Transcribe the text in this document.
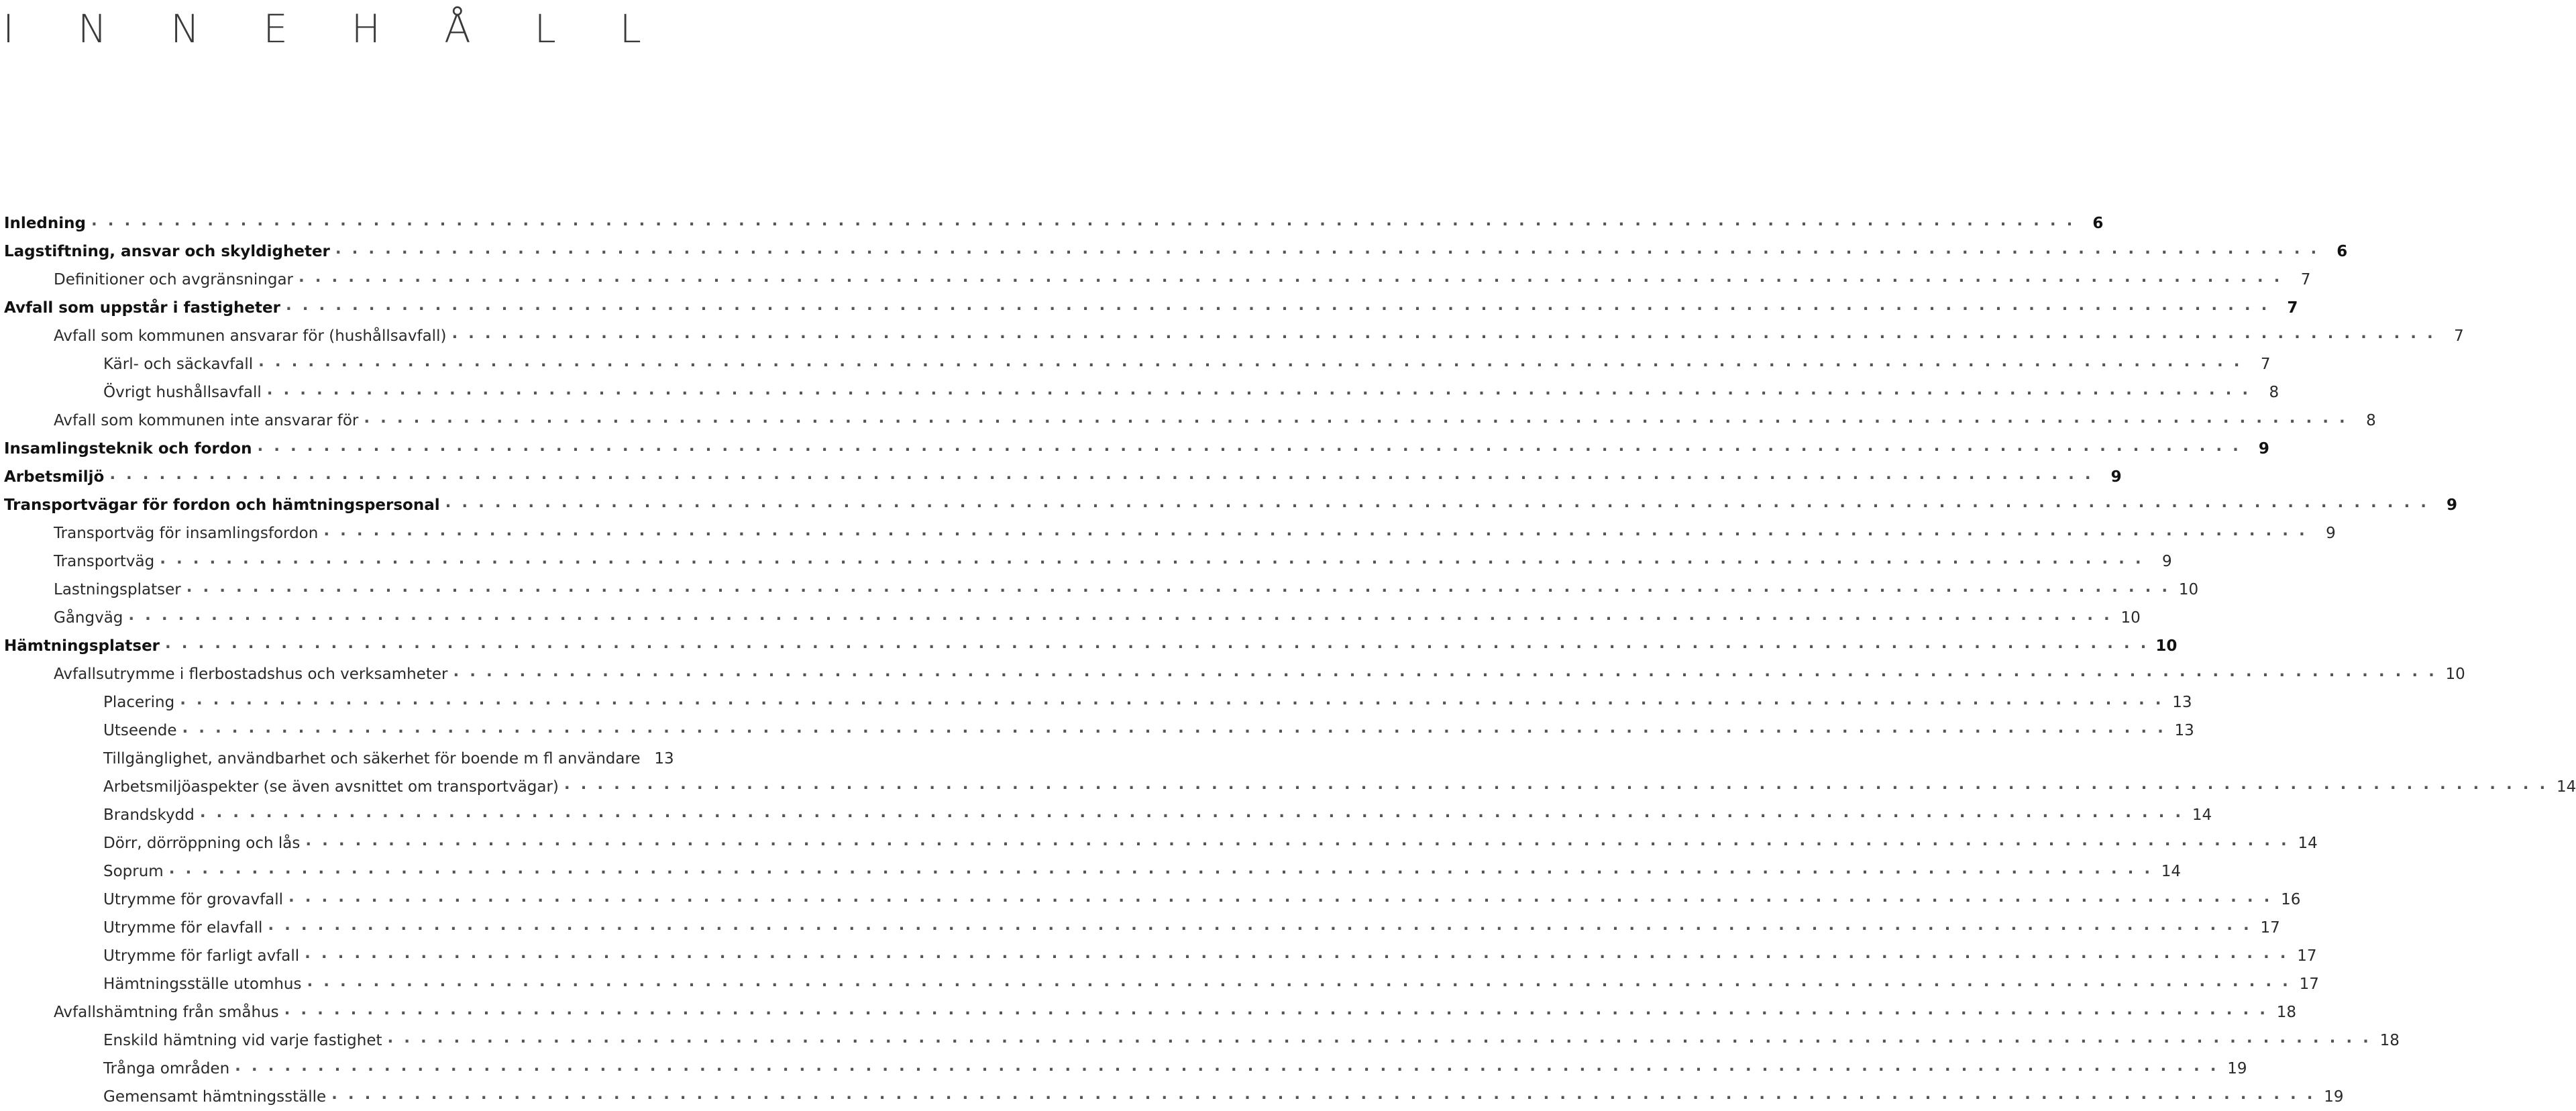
I N N E H Å L L
Inledning . . . . . . . . . . . . . . . . . . . . . . . . . . . . . . . . . . . . . . . . . . . . . . . . . . . . . . . . . . . . . . . . . . . . . . . . . . . . . . . . . . . . . . . . . . . . . . . . . . . . . . . . . . . . . . . . . . . . . . . .	6
Lagstiftning, ansvar och skyldigheter . . . . . . . . . . . . . . . . . . . . . . . . . . . . . . . . . . . . . . . . . . . . . . . . . . . . . . . . . . . . . . . . . . . . . . . . . . . . . . . . . . . . . . . . . . . . . . . . . . . . . . . . . . . . . . . . . . . . . . . .	6
Definitioner och avgränsningar . . . . . . . . . . . . . . . . . . . . . . . . . . . . . . . . . . . . . . . . . . . . . . . . . . . . . . . . . . . . . . . . . . . . . . . . . . . . . . . . . . . . . . . . . . . . . . . . . . . . . . . . . . . . . . . . . . . . . . . .	7
Avfall som uppstår i fastigheter . . . . . . . . . . . . . . . . . . . . . . . . . . . . . . . . . . . . . . . . . . . . . . . . . . . . . . . . . . . . . . . . . . . . . . . . . . . . . . . . . . . . . . . . . . . . . . . . . . . . . . . . . . . . . . . . . . . . . . . .	7
Avfall som kommunen ansvarar för (hushållsavfall) . . . . . . . . . . . . . . . . . . . . . . . . . . . . . . . . . . . . . . . . . . . . . . . . . . . . . . . . . . . . . . . . . . . . . . . . . . . . . . . . . . . . . . . . . . . . . . . . . . . . . . . . . . . . . . . . . . . . . . . .	7
Kärl- och säckavfall . . . . . . . . . . . . . . . . . . . . . . . . . . . . . . . . . . . . . . . . . . . . . . . . . . . . . . . . . . . . . . . . . . . . . . . . . . . . . . . . . . . . . . . . . . . . . . . . . . . . . . . . . . . . . . . . . . . . . . . .	7
Övrigt hushållsavfall . . . . . . . . . . . . . . . . . . . . . . . . . . . . . . . . . . . . . . . . . . . . . . . . . . . . . . . . . . . . . . . . . . . . . . . . . . . . . . . . . . . . . . . . . . . . . . . . . . . . . . . . . . . . . . . . . . . . . . . .	8
Avfall som kommunen inte ansvarar för . . . . . . . . . . . . . . . . . . . . . . . . . . . . . . . . . . . . . . . . . . . . . . . . . . . . . . . . . . . . . . . . . . . . . . . . . . . . . . . . . . . . . . . . . . . . . . . . . . . . . . . . . . . . . . . . . . . . . . . .	8
Insamlingsteknik och fordon . . . . . . . . . . . . . . . . . . . . . . . . . . . . . . . . . . . . . . . . . . . . . . . . . . . . . . . . . . . . . . . . . . . . . . . . . . . . . . . . . . . . . . . . . . . . . . . . . . . . . . . . . . . . . . . . . . . . . . . .	9
Arbetsmiljö . . . . . . . . . . . . . . . . . . . . . . . . . . . . . . . . . . . . . . . . . . . . . . . . . . . . . . . . . . . . . . . . . . . . . . . . . . . . . . . . . . . . . . . . . . . . . . . . . . . . . . . . . . . . . . . . . . . . . . . .	9
Transportvägar för fordon och hämtningspersonal . . . . . . . . . . . . . . . . . . . . . . . . . . . . . . . . . . . . . . . . . . . . . . . . . . . . . . . . . . . . . . . . . . . . . . . . . . . . . . . . . . . . . . . . . . . . . . . . . . . . . . . . . . . . . . . . . . . . . . . .	9
Transportväg för insamlingsfordon . . . . . . . . . . . . . . . . . . . . . . . . . . . . . . . . . . . . . . . . . . . . . . . . . . . . . . . . . . . . . . . . . . . . . . . . . . . . . . . . . . . . . . . . . . . . . . . . . . . . . . . . . . . . . . . . . . . . . . . .	9
Transportväg . . . . . . . . . . . . . . . . . . . . . . . . . . . . . . . . . . . . . . . . . . . . . . . . . . . . . . . . . . . . . . . . . . . . . . . . . . . . . . . . . . . . . . . . . . . . . . . . . . . . . . . . . . . . . . . . . . . . . . . .	9
Lastningsplatser . . . . . . . . . . . . . . . . . . . . . . . . . . . . . . . . . . . . . . . . . . . . . . . . . . . . . . . . . . . . . . . . . . . . . . . . . . . . . . . . . . . . . . . . . . . . . . . . . . . . . . . . . . . . . . . . . . . . . . . . 10
Gångväg . . . . . . . . . . . . . . . . . . . . . . . . . . . . . . . . . . . . . . . . . . . . . . . . . . . . . . . . . . . . . . . . . . . . . . . . . . . . . . . . . . . . . . . . . . . . . . . . . . . . . . . . . . . . . . . . . . . . . . . . 10
Hämtningsplatser . . . . . . . . . . . . . . . . . . . . . . . . . . . . . . . . . . . . . . . . . . . . . . . . . . . . . . . . . . . . . . . . . . . . . . . . . . . . . . . . . . . . . . . . . . . . . . . . . . . . . . . . . . . . . . . . . . . . . . . . 10
Avfallsutrymme i flerbostadshus och verksamheter . . . . . . . . . . . . . . . . . . . . . . . . . . . . . . . . . . . . . . . . . . . . . . . . . . . . . . . . . . . . . . . . . . . . . . . . . . . . . . . . . . . . . . . . . . . . . . . . . . . . . . . . . . . . . . . . . . . . . . . . 10
Placering . . . . . . . . . . . . . . . . . . . . . . . . . . . . . . . . . . . . . . . . . . . . . . . . . . . . . . . . . . . . . . . . . . . . . . . . . . . . . . . . . . . . . . . . . . . . . . . . . . . . . . . . . . . . . . . . . . . . . . . . 13
Utseende . . . . . . . . . . . . . . . . . . . . . . . . . . . . . . . . . . . . . . . . . . . . . . . . . . . . . . . . . . . . . . . . . . . . . . . . . . . . . . . . . . . . . . . . . . . . . . . . . . . . . . . . . . . . . . . . . . . . . . . . 13
Tillgänglighet, användbarhet och säkerhet för boende m fl användare 13
Arbetsmiljöaspekter (se även avsnittet om transportvägar) . . . . . . . . . . . . . . . . . . . . . . . . . . . . . . . . . . . . . . . . . . . . . . . . . . . . . . . . . . . . . . . . . . . . . . . . . . . . . . . . . . . . . . . . . . . . . . . . . . . . . . . . . . . . . . . . . . . . . . . . 14
Brandskydd . . . . . . . . . . . . . . . . . . . . . . . . . . . . . . . . . . . . . . . . . . . . . . . . . . . . . . . . . . . . . . . . . . . . . . . . . . . . . . . . . . . . . . . . . . . . . . . . . . . . . . . . . . . . . . . . . . . . . . . . 14
Dörr, dörröppning och lås . . . . . . . . . . . . . . . . . . . . . . . . . . . . . . . . . . . . . . . . . . . . . . . . . . . . . . . . . . . . . . . . . . . . . . . . . . . . . . . . . . . . . . . . . . . . . . . . . . . . . . . . . . . . . . . . . . . . . . . . 14
Soprum . . . . . . . . . . . . . . . . . . . . . . . . . . . . . . . . . . . . . . . . . . . . . . . . . . . . . . . . . . . . . . . . . . . . . . . . . . . . . . . . . . . . . . . . . . . . . . . . . . . . . . . . . . . . . . . . . . . . . . . . 14
Utrymme för grovavfall . . . . . . . . . . . . . . . . . . . . . . . . . . . . . . . . . . . . . . . . . . . . . . . . . . . . . . . . . . . . . . . . . . . . . . . . . . . . . . . . . . . . . . . . . . . . . . . . . . . . . . . . . . . . . . . . . . . . . . . . 16
Utrymme för elavfall . . . . . . . . . . . . . . . . . . . . . . . . . . . . . . . . . . . . . . . . . . . . . . . . . . . . . . . . . . . . . . . . . . . . . . . . . . . . . . . . . . . . . . . . . . . . . . . . . . . . . . . . . . . . . . . . . . . . . . . . 17
Utrymme för farligt avfall . . . . . . . . . . . . . . . . . . . . . . . . . . . . . . . . . . . . . . . . . . . . . . . . . . . . . . . . . . . . . . . . . . . . . . . . . . . . . . . . . . . . . . . . . . . . . . . . . . . . . . . . . . . . . . . . . . . . . . . . 17
Hämtningsställe utomhus . . . . . . . . . . . . . . . . . . . . . . . . . . . . . . . . . . . . . . . . . . . . . . . . . . . . . . . . . . . . . . . . . . . . . . . . . . . . . . . . . . . . . . . . . . . . . . . . . . . . . . . . . . . . . . . . . . . . . . . . 17
Avfallshämtning från småhus . . . . . . . . . . . . . . . . . . . . . . . . . . . . . . . . . . . . . . . . . . . . . . . . . . . . . . . . . . . . . . . . . . . . . . . . . . . . . . . . . . . . . . . . . . . . . . . . . . . . . . . . . . . . . . . . . . . . . . . . 18
Enskild hämtning vid varje fastighet . . . . . . . . . . . . . . . . . . . . . . . . . . . . . . . . . . . . . . . . . . . . . . . . . . . . . . . . . . . . . . . . . . . . . . . . . . . . . . . . . . . . . . . . . . . . . . . . . . . . . . . . . . . . . . . . . . . . . . . . 18
Trånga områden . . . . . . . . . . . . . . . . . . . . . . . . . . . . . . . . . . . . . . . . . . . . . . . . . . . . . . . . . . . . . . . . . . . . . . . . . . . . . . . . . . . . . . . . . . . . . . . . . . . . . . . . . . . . . . . . . . . . . . . . 19
Gemensamt hämtningsställe . . . . . . . . . . . . . . . . . . . . . . . . . . . . . . . . . . . . . . . . . . . . . . . . . . . . . . . . . . . . . . . . . . . . . . . . . . . . . . . . . . . . . . . . . . . . . . . . . . . . . . . . . . . . . . . . . . . . . . . . 19
